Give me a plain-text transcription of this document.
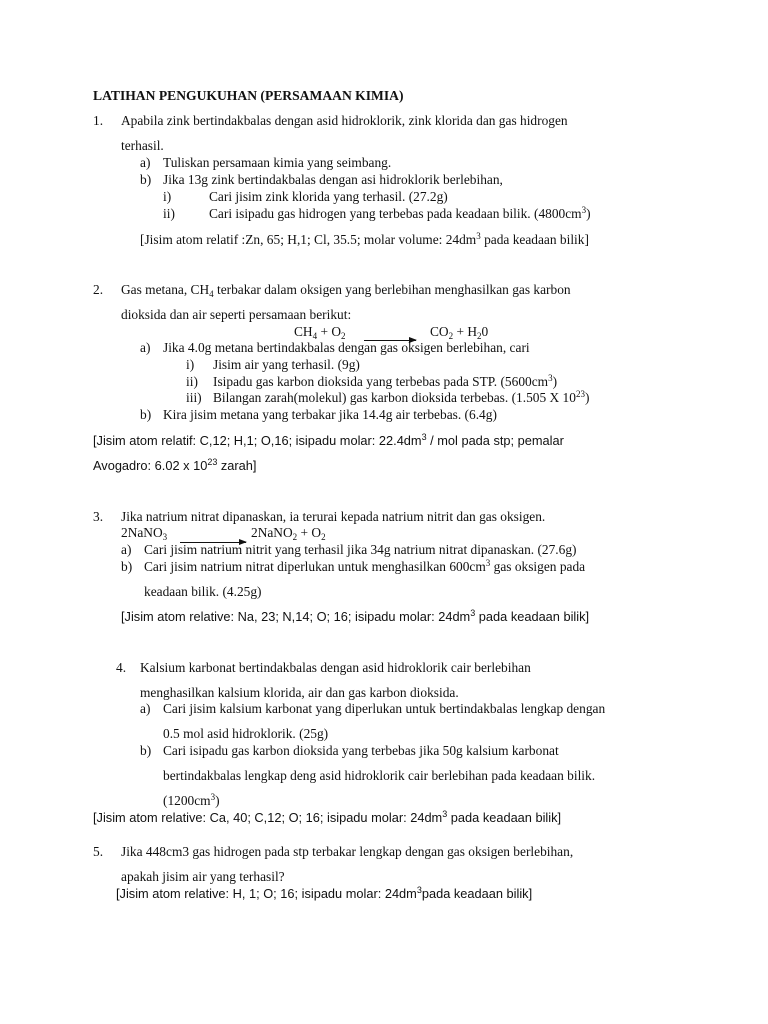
LATIHAN PENGUKUHAN (PERSAMAAN KIMIA)
1. Apabila zink bertindakbalas dengan asid hidroklorik, zink klorida dan gas hidrogen
terhasil.
a) Tuliskan persamaan kimia yang seimbang.
b) Jika 13g zink bertindakbalas dengan asi hidroklorik berlebihan,
i)	Cari jisim zink klorida yang terhasil. (27.2g)
ii)	Cari isipadu gas hidrogen yang terbebas pada keadaan bilik. $(4800cm^3)$
[Jisim atom relatif :Zn, 65; H,1; Cl, 35.5; molar volume: $24dm^3$ pada keadaan bilik]
2. Gas metana, $CH_4$ terbakar dalam oksigen yang berlebihan menghasilkan gas karbon
dioksida dan air seperti persamaan berikut:
$CH_4 + O_2$ →
$CO_2 + H_20$
a) Jika 4.0g metana bertindakbalas dengan gas oksigen berlebihan, cari
i) Jisim air yang terhasil. (9g)
ii) Isipadu gas karbon dioksida yang terbebas pada STP. $(5600cm^3)$
iii) Bilangan zarah(molekul) gas karbon dioksida terbebas. (1.505 X $10^{23}$)
b) Kira jisim metana yang terbakar jika 14.4g air terbebas. (6.4g)
[Jisim atom relatif: C,12; H,1; O,16; isipadu molar: $22.4dm^3$ / mol pada stp; pemalar
Avogadro: 6.02 x $10^{23}$ zarah]
3. Jika natrium nitrat dipanaskan, ia terurai kepada natrium nitrit dan gas oksigen.
2NaNO$_3$	2NaNO$_2$ + $O_2$
a) Cari jisim natrium nitrit yang terhasil jika 34g natrium nitrat dipanaskan. (27.6g)
b) Cari jisim natrium nitrat diperlukan untuk menghasilkan $600cm^3$ gas oksigen pada
keadaan bilik. (4.25g)
[Jisim atom relative: Na, 23; N,14; O; 16; isipadu molar: $24dm^3$ pada keadaan bilik]
4. Kalsium karbonat bertindakbalas dengan asid hidroklorik cair berlebihan
menghasilkan kalsium klorida, air dan gas karbon dioksida.
a) Cari jisim kalsium karbonat yang diperlukan untuk bertindakbalas lengkap dengan
0.5 mol asid hidroklorik. (25g)
b) Cari isipadu gas karbon dioksida yang terbebas jika 50g kalsium karbonat
bertindakbalas lengkap deng asid hidroklorik cair berlebihan pada keadaan bilik.
$(1200cm^3)$
[Jisim atom relative: Ca, 40; C,12; O; 16; isipadu molar: $24dm^3$ pada keadaan bilik]
5. Jika 448cm3 gas hidrogen pada stp terbakar lengkap dengan gas oksigen berlebihan,
apakah jisim air yang terhasil?
[Jisim atom relative: H, 1; O; 16; isipadu molar: $24dm^3pada$ keadaan bilik]
